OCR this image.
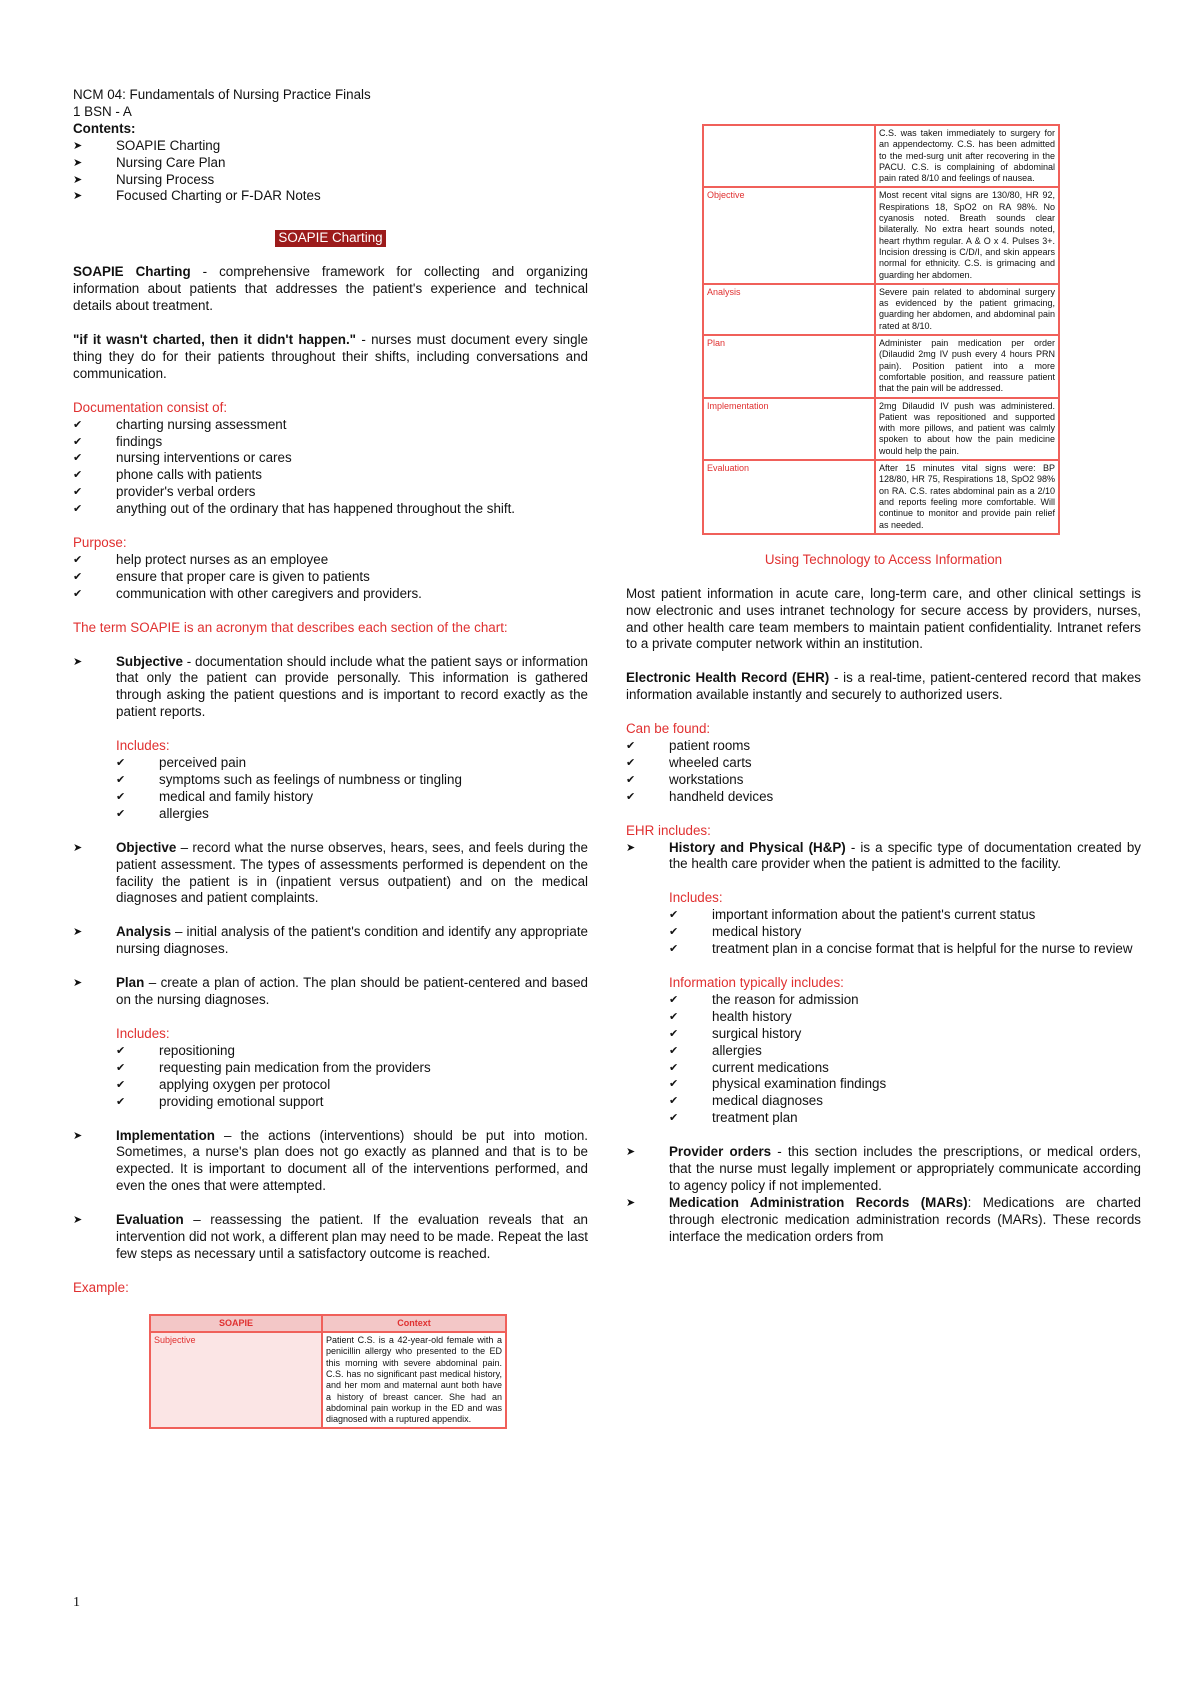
NCM 04: Fundamentals of Nursing Practice Finals

1 BSN - A

Contents:

➤ SOAPIE Charting
➤ Nursing Care Plan
➤ Nursing Process
➤ Focused Charting or F-DAR Notes
SOAPIE Charting

SOAPIE Charting - comprehensive framework for collecting and organizing information about patients that addresses the patient's experience and technical details about treatment.

"if it wasn't charted, then it didn't happen." - nurses must document every single thing they do for their patients throughout their shifts, including conversations and communication.

Documentation consist of:

✔ charting nursing assessment
✔ findings
✔ nursing interventions or cares
✔ phone calls with patients
✔ provider's verbal orders
✔ anything out of the ordinary that has happened throughout the shift.

Purpose:

✔ help protect nurses as an employee
✔ ensure that proper care is given to patients
✔ communication with other caregivers and providers.

The term SOAPIE is an acronym that describes each section of the chart:

➤ Subjective - documentation should include what the patient says or information that only the patient can provide personally. This information is gathered through asking the patient questions and is important to record exactly as the patient reports.

Includes:

✔ perceived pain
✔ symptoms such as feelings of numbness or tingling
✔ medical and family history
✔ allergies
➤ Objective – record what the nurse observes, hears, sees, and feels during the patient assessment. The types of assessments performed is dependent on the facility the patient is in (inpatient versus outpatient) and on the medical diagnoses and patient complaints.
➤ Analysis – initial analysis of the patient's condition and identify any appropriate nursing diagnoses.
➤ Plan – create a plan of action. The plan should be patient-centered and based on the nursing diagnoses.

Includes:

✔ repositioning
✔ requesting pain medication from the providers
✔ applying oxygen per protocol
✔ providing emotional support
➤ Implementation – the actions (interventions) should be put into motion. Sometimes, a nurse's plan does not go exactly as planned and that is to be expected. It is important to document all of the interventions performed, and even the ones that were attempted.
➤ Evaluation – reassessing the patient. If the evaluation reveals that an intervention did not work, a different plan may need to be made. Repeat the last few steps as necessary until a satisfactory outcome is reached.

Example:

SOAPIE	Context
Subjective	Patient C.S. is a 42-year-old female with a penicillin allergy who presented to the ED this morning with severe abdominal pain. C.S. has no significant past medical history, and her mom and maternal aunt both have a history of breast cancer. She had an abdominal pain workup in the ED and was diagnosed with a ruptured appendix.
	C.S. was taken immediately to surgery for an appendectomy. C.S. has been admitted to the med-surg unit after recovering in the PACU. C.S. is complaining of abdominal pain rated 8/10 and feelings of nausea.
Objective	Most recent vital signs are 130/80, HR 92, Respirations 18, SpO2 on RA 98%. No cyanosis noted. Breath sounds clear bilaterally. No extra heart sounds noted, heart rhythm regular. A & O x 4. Pulses 3+. Incision dressing is C/D/I, and skin appears normal for ethnicity. C.S. is grimacing and guarding her abdomen.
Analysis	Severe pain related to abdominal surgery as evidenced by the patient grimacing, guarding her abdomen, and abdominal pain rated at 8/10.
Plan	Administer pain medication per order (Dilaudid 2mg IV push every 4 hours PRN pain). Position patient into a more comfortable position, and reassure patient that the pain will be addressed.
Implementation	2mg Dilaudid IV push was administered. Patient was repositioned and supported with more pillows, and patient was calmly spoken to about how the pain medicine would help the pain.
Evaluation	After 15 minutes vital signs were: BP 128/80, HR 75, Respirations 18, SpO2 98% on RA. C.S. rates abdominal pain as a 2/10 and reports feeling more comfortable. Will continue to monitor and provide pain relief as needed.

Using Technology to Access Information

Most patient information in acute care, long-term care, and other clinical settings is now electronic and uses intranet technology for secure access by providers, nurses, and other health care team members to maintain patient confidentiality. Intranet refers to a private computer network within an institution.

Electronic Health Record (EHR) - is a real-time, patient-centered record that makes information available instantly and securely to authorized users.

Can be found:

✔ patient rooms
✔ wheeled carts
✔ workstations
✔ handheld devices

EHR includes:

➤ History and Physical (H&P) - is a specific type of documentation created by the health care provider when the patient is admitted to the facility.

Includes:

✔ important information about the patient's current status
✔ medical history
✔ treatment plan in a concise format that is helpful for the nurse to review

Information typically includes:

✔ the reason for admission
✔ health history
✔ surgical history
✔ allergies
✔ current medications
✔ physical examination findings
✔ medical diagnoses
✔ treatment plan
➤ Provider orders - this section includes the prescriptions, or medical orders, that the nurse must legally implement or appropriately communicate according to agency policy if not implemented.
➤ Medication Administration Records (MARs): Medications are charted through electronic medication administration records (MARs). These records interface the medication orders from
1
